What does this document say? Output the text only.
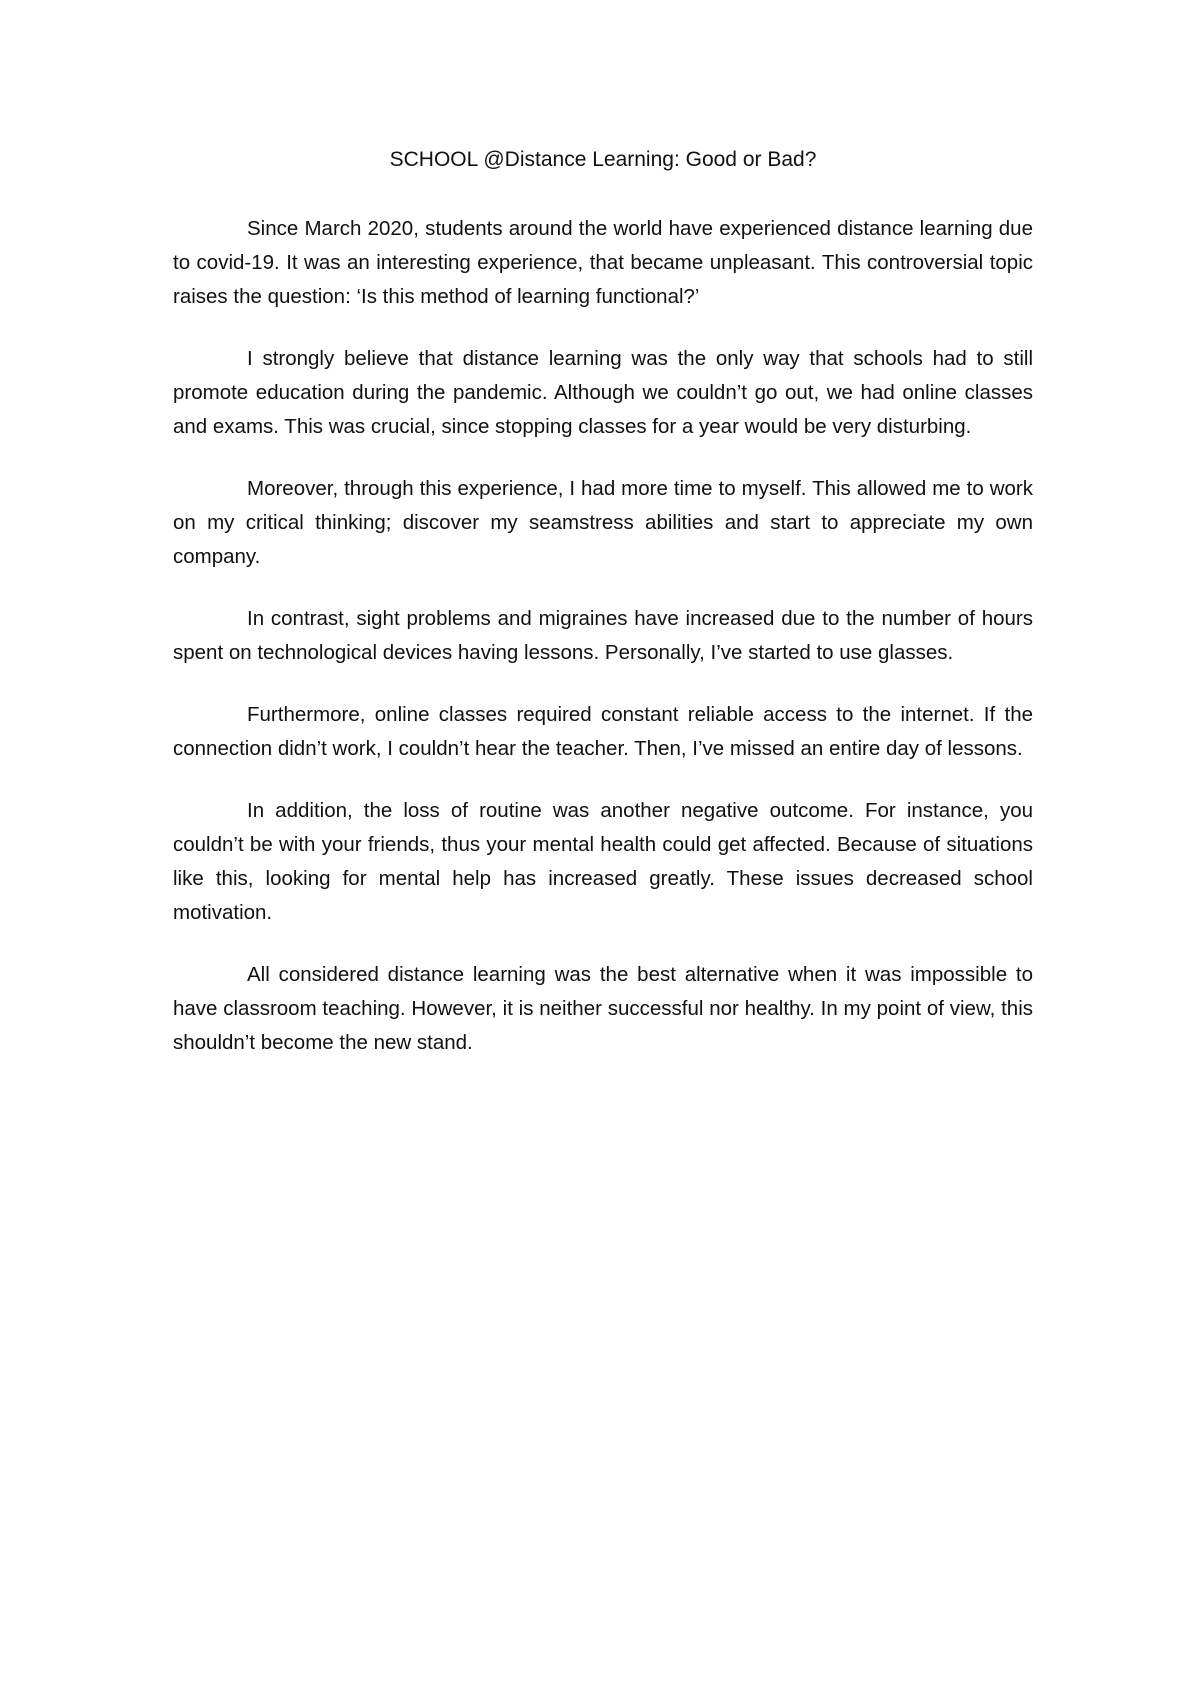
SCHOOL @Distance Learning: Good or Bad?

Since March 2020, students around the world have experienced distance learning due to covid-19. It was an interesting experience, that became unpleasant. This controversial topic raises the question: ‘Is this method of learning functional?’

I strongly believe that distance learning was the only way that schools had to still promote education during the pandemic. Although we couldn’t go out, we had online classes and exams. This was crucial, since stopping classes for a year would be very disturbing.

Moreover, through this experience, I had more time to myself. This allowed me to work on my critical thinking; discover my seamstress abilities and start to appreciate my own company.

In contrast, sight problems and migraines have increased due to the number of hours spent on technological devices having lessons. Personally, I’ve started to use glasses.

Furthermore, online classes required constant reliable access to the internet. If the connection didn’t work, I couldn’t hear the teacher. Then, I’ve missed an entire day of lessons.

In addition, the loss of routine was another negative outcome. For instance, you couldn’t be with your friends, thus your mental health could get affected. Because of situations like this, looking for mental help has increased greatly. These issues decreased school motivation.

All considered distance learning was the best alternative when it was impossible to have classroom teaching. However, it is neither successful nor healthy. In my point of view, this shouldn’t become the new stand.
